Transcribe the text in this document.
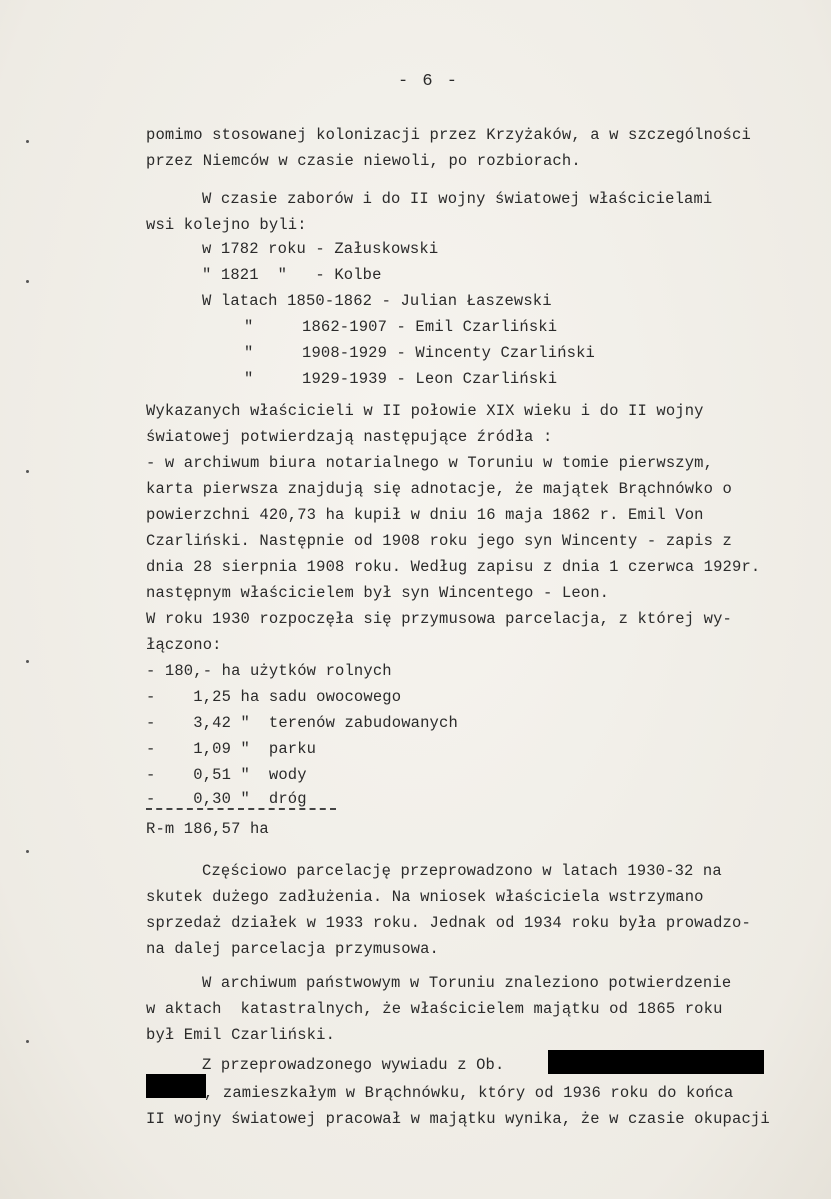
- 6 -
pomimo stosowanej kolonizacji przez Krzyżaków, a w szczególności
przez Niemców w czasie niewoli, po rozbiorach.
W czasie zaborów i do II wojny światowej właścicielami
wsi kolejno byli:
w 1782 roku - Załuskowski
" 1821  "   - Kolbe
W latach 1850-1862 - Julian Łaszewski
"	1862-1907 - Emil Czarliński
"	1908-1929 - Wincenty Czarliński
"	1929-1939 - Leon Czarliński
Wykazanych właścicieli w II połowie XIX wieku i do II wojny
światowej potwierdzają następujące źródła :
- w archiwum biura notarialnego w Toruniu w tomie pierwszym,
karta pierwsza znajdują się adnotacje, że majątek Brąchnówko o
powierzchni 420,73 ha kupił w dniu 16 maja 1862 r. Emil Von
Czarliński. Następnie od 1908 roku jego syn Wincenty - zapis z
dnia 28 sierpnia 1908 roku. Według zapisu z dnia 1 czerwca 1929r.
następnym właścicielem był syn Wincentego - Leon.
W roku 1930 rozpoczęła się przymusowa parcelacja, z której wy-
łączono:
- 180,- ha użytków rolnych
-    1,25 ha sadu owocowego
-    3,42 "  terenów zabudowanych
-    1,09 "  parku
-    0,51 "  wody
-    0,30 "  dróg
R-m 186,57 ha
Częściowo parcelację przeprowadzono w latach 1930-32 na
skutek dużego zadłużenia. Na wniosek właściciela wstrzymano
sprzedaż działek w 1933 roku. Jednak od 1934 roku była prowadzo-
na dalej parcelacja przymusowa.
W archiwum państwowym w Toruniu znaleziono potwierdzenie
w aktach  katastralnych, że właścicielem majątku od 1865 roku
był Emil Czarliński.
Z przeprowadzonego wywiadu z Ob.
, zamieszkałym w Brąchnówku, który od 1936 roku do końca
II wojny światowej pracował w majątku wynika, że w czasie okupacji
